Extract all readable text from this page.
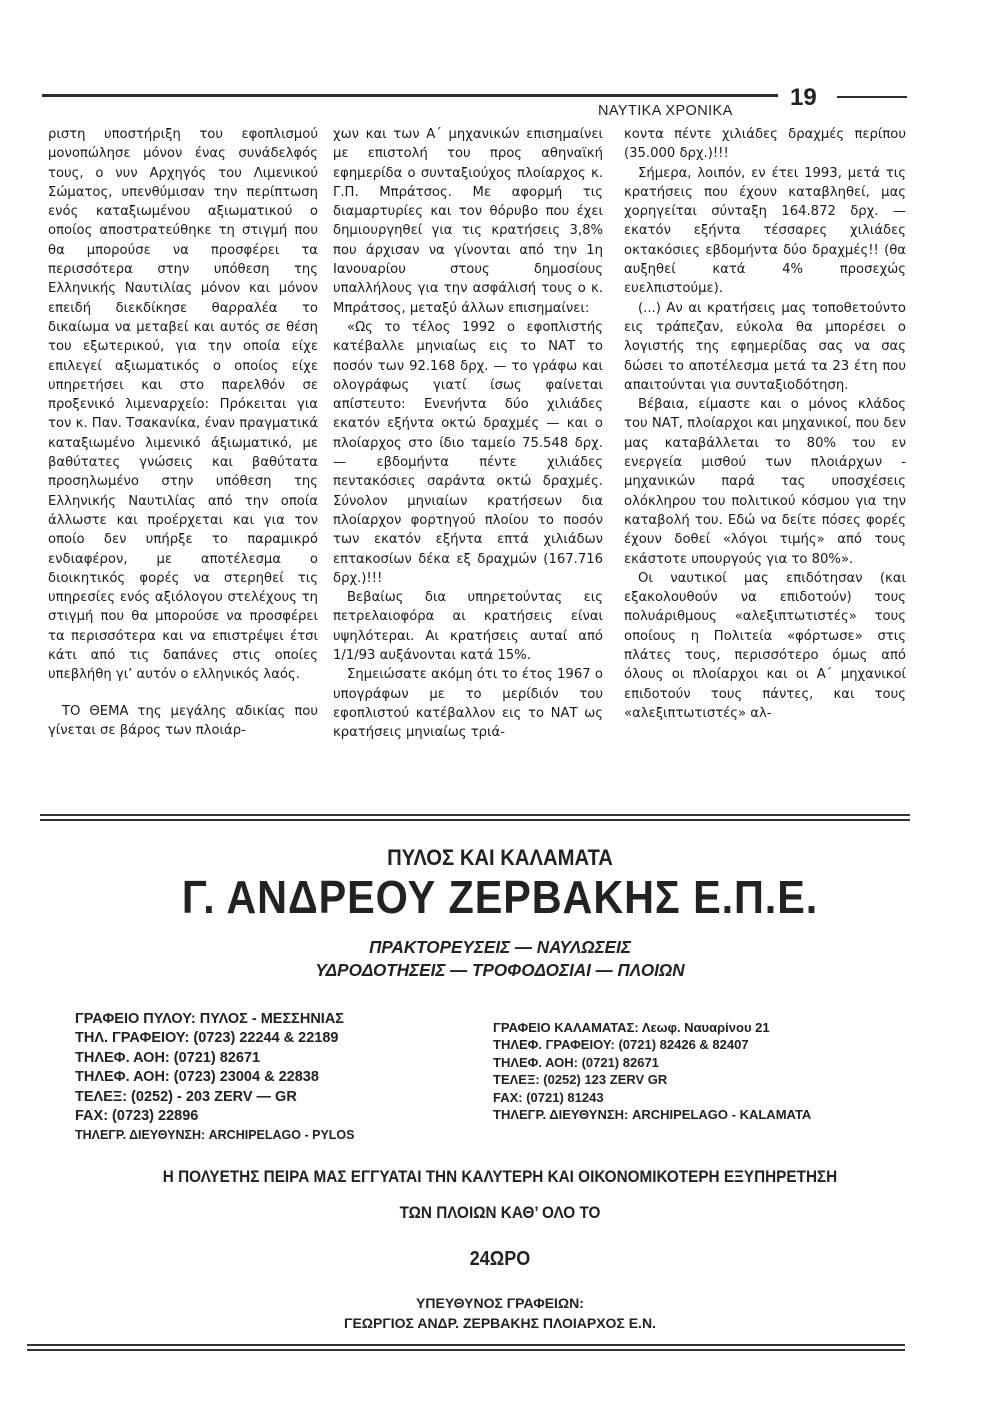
19
ΝΑΥΤΙΚΑ ΧΡΟΝΙΚΑ

ριστη υποστήριξη του εφοπλισμού μονοπώλησε μόνον ένας συνάδελφός τους, ο νυν Αρχηγός του Λιμενικού Σώματος, υπενθύμισαν την περίπτωση ενός καταξιωμένου αξιωματικού ο οποίος αποστρατεύθηκε τη στιγμή που θα μπορούσε να προσφέρει τα περισσότερα στην υπόθεση της Ελληνικής Ναυτιλίας μόνον και μόνον επειδή διεκδίκησε θαρραλέα το δικαίωμα να μεταβεί και αυτός σε θέση του εξωτερικού, για την οποία είχε επιλεγεί αξιωματικός ο οποίος είχε υπηρετήσει και στο παρελθόν σε προξενικό λιμεναρχείο: Πρόκειται για τον κ. Παν. Τσακανίκα, έναν πραγματικά καταξιωμένο λιμενικό άξιωματικό, με βαθύτατες γνώσεις και βαθύτατα προσηλωμένο στην υπόθεση της Ελληνικής Ναυτιλίας από την οποία άλλωστε και προέρχεται και για τον οποίο δεν υπήρξε το παραμικρό ενδιαφέρον, με αποτέλεσμα ο διοικητικός φορές να στερηθεί τις υπηρεσίες ενός αξιόλογου στελέχους τη στιγμή που θα μπορούσε να προσφέρει τα περισσότερα και να επιστρέψει έτσι κάτι από τις δαπάνες στις οποίες υπεβλήθη γι’ αυτόν ο ελληνικός λαός.

ΤΟ ΘΕΜΑ της μεγάλης αδικίας που γίνεται σε βάρος των πλοιάρ-

χων και των Α΄ μηχανικών επισημαίνει με επιστολή του προς αθηναϊκή εφημερίδα ο συνταξιούχος πλοίαρχος κ. Γ.Π. Μπράτσος. Με αφορμή τις διαμαρτυρίες και τον θόρυβο που έχει δημιουργηθεί για τις κρατήσεις 3,8% που άρχισαν να γίνονται από την 1η Ιανουαρίου στους δημοσίους υπαλλήλους για την ασφάλισή τους ο κ. Μπράτσος, μεταξύ άλλων επισημαίνει:

«Ως το τέλος 1992 ο εφοπλιστής κατέβαλλε μηνιαίως εις το ΝΑΤ το ποσόν των 92.168 δρχ. — το γράφω και ολογράφως γιατί ίσως φαίνεται απίστευτο: Ενενήντα δύο χιλιάδες εκατόν εξήντα οκτώ δραχμές — και ο πλοίαρχος στο ίδιο ταμείο 75.548 δρχ. — εβδομήντα πέντε χιλιάδες πεντακόσιες σαράντα οκτώ δραχμές. Σύνολον μηνιαίων κρατήσεων δια πλοίαρχον φορτηγού πλοίου το ποσόν των εκατόν εξήντα επτά χιλιάδων επτακοσίων δέκα εξ δραχμών (167.716 δρχ.)!!!

Βεβαίως δια υπηρετούντας εις πετρελαιοφόρα αι κρατήσεις είναι υψηλότεραι. Αι κρατήσεις αυταί από 1/1/93 αυξάνονται κατά 15%.

Σημειώσατε ακόμη ότι το έτος 1967 ο υπογράφων με το μερίδιόν του εφοπλιστού κατέβαλλον εις το ΝΑΤ ως κρατήσεις μηνιαίως τριά-

κοντα πέντε χιλιάδες δραχμές περίπου (35.000 δρχ.)!!!

Σήμερα, λοιπόν, εν έτει 1993, μετά τις κρατήσεις που έχουν καταβληθεί, μας χορηγείται σύνταξη 164.872 δρχ. — εκατόν εξήντα τέσσαρες χιλιάδες οκτακόσιες εβδομήντα δύο δραχμές!! (θα αυξηθεί κατά 4% προσεχώς ευελπιστούμε).

(...) Αν αι κρατήσεις μας τοποθετούντο εις τράπεζαν, εύκολα θα μπορέσει ο λογιστής της εφημερίδας σας να σας δώσει το αποτέλεσμα μετά τα 23 έτη που απαιτούνται για συνταξιοδότηση.

Βέβαια, είμαστε και ο μόνος κλάδος του ΝΑΤ, πλοίαρχοι και μηχανικοί, που δεν μας καταβάλλεται το 80% του εν ενεργεία μισθού των πλοιάρχων - μηχανικών παρά τας υποσχέσεις ολόκληρου του πολιτικού κόσμου για την καταβολή του. Εδώ να δείτε πόσες φορές έχουν δοθεί «λόγοι τιμής» από τους εκάστοτε υπουργούς για το 80%».

Οι ναυτικοί μας επιδότησαν (και εξακολουθούν να επιδοτούν) τους πολυάριθμους «αλεξιπτωτιστές» τους οποίους η Πολιτεία «φόρτωσε» στις πλάτες τους, περισσότερο όμως από όλους οι πλοίαρχοι και οι Α΄ μηχανικοί επιδοτούν τους πάντες, και τους «αλεξιπτωτιστές» αλ-

ΠΥΛΟΣ ΚΑΙ ΚΑΛΑΜΑΤΑ
Γ. ΑΝΔΡΕΟΥ ΖΕΡΒΑΚΗΣ Ε.Π.Ε.
ΠΡΑΚΤΟΡΕΥΣΕΙΣ — ΝΑΥΛΩΣΕΙΣ
ΥΔΡΟΔΟΤΗΣΕΙΣ — ΤΡΟΦΟΔΟΣΙΑΙ — ΠΛΟΙΩΝ
ΓΡΑΦΕΙΟ ΠΥΛΟΥ: ΠΥΛΟΣ - ΜΕΣΣΗΝΙΑΣ
ΤΗΛ. ΓΡΑΦΕΙΟΥ: (0723) 22244 & 22189
ΤΗΛΕΦ. ΑΟΗ: (0721) 82671
ΤΗΛΕΦ. ΑΟΗ: (0723) 23004 & 22838
ΤΕΛΕΞ: (0252) - 203 ZERV — GR
FAX: (0723) 22896
ΤΗΛΕΓΡ. ΔΙΕΥΘΥΝΣΗ: ARCHIPELAGO - PYLOS
ΓΡΑΦΕΙΟ ΚΑΛΑΜΑΤΑΣ: Λεωφ. Ναυαρίνου 21
ΤΗΛΕΦ. ΓΡΑΦΕΙΟΥ: (0721) 82426 & 82407
ΤΗΛΕΦ. ΑΟΗ: (0721) 82671
ΤΕΛΕΞ: (0252) 123 ZERV GR
FAX: (0721) 81243
ΤΗΛΕΓΡ. ΔΙΕΥΘΥΝΣΗ: ARCHIPELAGO - KALAMATA
Η ΠΟΛΥΕΤΗΣ ΠΕΙΡΑ ΜΑΣ ΕΓΓΥΑΤΑΙ ΤΗΝ ΚΑΛΥΤΕΡΗ ΚΑΙ ΟΙΚΟΝΟΜΙΚΟΤΕΡΗ ΕΞΥΠΗΡΕΤΗΣΗ
ΤΩΝ ΠΛΟΙΩΝ ΚΑΘ’ ΟΛΟ ΤΟ
24ΩΡΟ
ΥΠΕΥΘΥΝΟΣ ΓΡΑΦΕΙΩΝ:
ΓΕΩΡΓΙΟΣ ΑΝΔΡ. ΖΕΡΒΑΚΗΣ ΠΛΟΙΑΡΧΟΣ Ε.Ν.
